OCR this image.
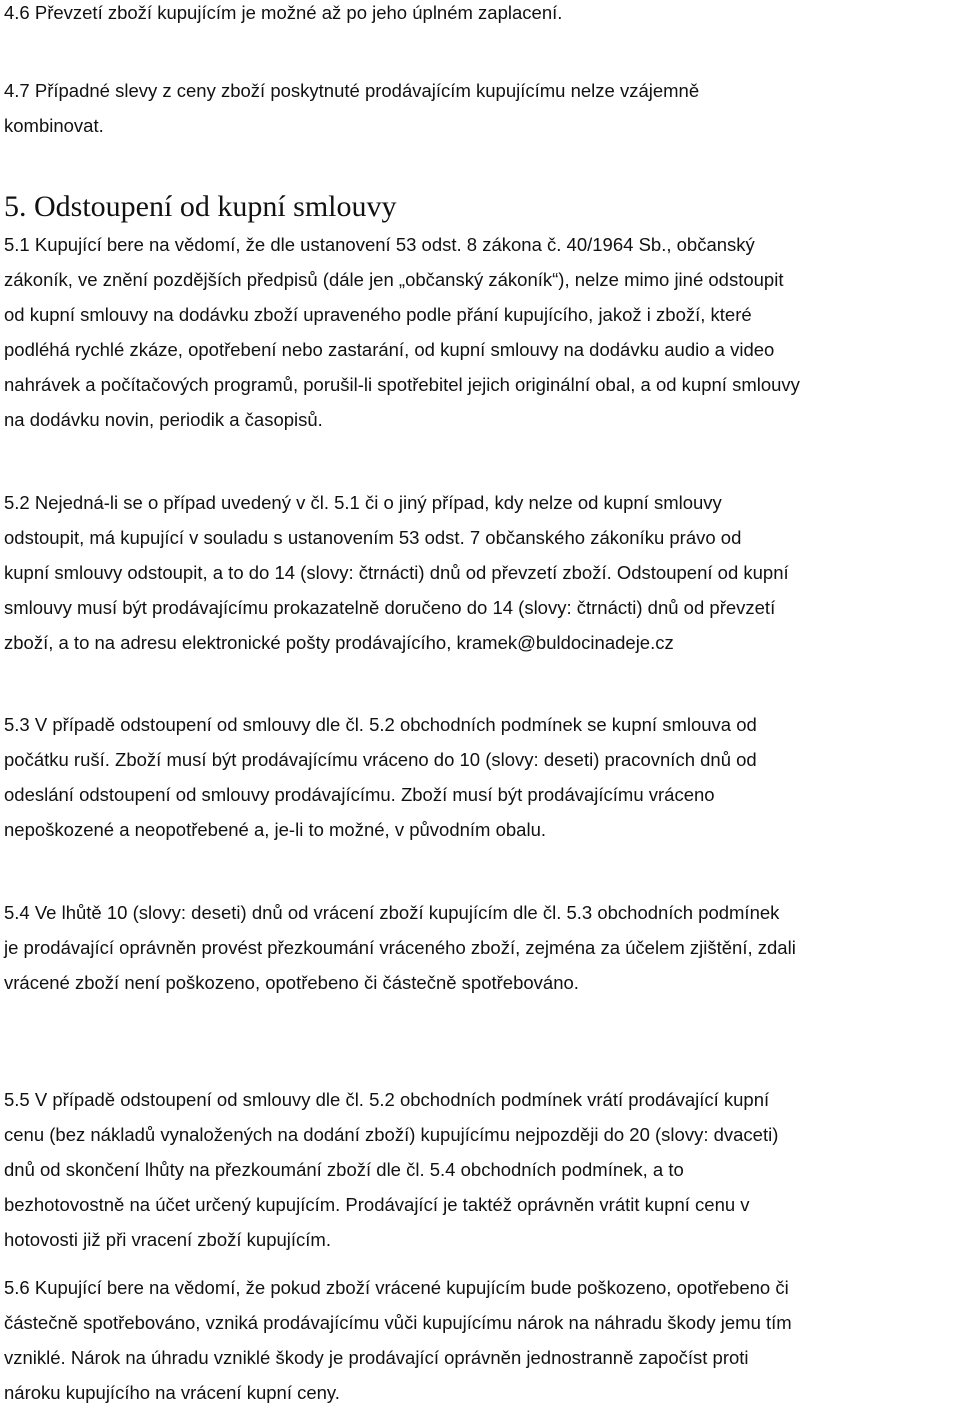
4.6 Převzetí zboží kupujícím je možné až po jeho úplném zaplacení.

4.7 Případné slevy z ceny zboží poskytnuté prodávajícím kupujícímu nelze vzájemně
kombinovat.

5. Odstoupení od kupní smlouvy

5.1 Kupující bere na vědomí, že dle ustanovení 53 odst. 8 zákona č. 40/1964 Sb., občanský
zákoník, ve znění pozdějších předpisů (dále jen „občanský zákoník“), nelze mimo jiné odstoupit
od kupní smlouvy na dodávku zboží upraveného podle přání kupujícího, jakož i zboží, které
podléhá rychlé zkáze, opotřebení nebo zastarání, od kupní smlouvy na dodávku audio a video
nahrávek a počítačových programů, porušil-li spotřebitel jejich originální obal, a od kupní smlouvy
na dodávku novin, periodik a časopisů.

5.2 Nejedná-li se o případ uvedený v čl. 5.1 či o jiný případ, kdy nelze od kupní smlouvy
odstoupit, má kupující v souladu s ustanovením 53 odst. 7 občanského zákoníku právo od
kupní smlouvy odstoupit, a to do 14 (slovy: čtrnácti) dnů od převzetí zboží. Odstoupení od kupní
smlouvy musí být prodávajícímu prokazatelně doručeno do 14 (slovy: čtrnácti) dnů od převzetí
zboží, a to na adresu elektronické pošty prodávajícího, kramek@buldocinadeje.cz

5.3 V případě odstoupení od smlouvy dle čl. 5.2 obchodních podmínek se kupní smlouva od
počátku ruší. Zboží musí být prodávajícímu vráceno do 10 (slovy: deseti) pracovních dnů od
odeslání odstoupení od smlouvy prodávajícímu. Zboží musí být prodávajícímu vráceno
nepoškozené a neopotřebené a, je-li to možné, v původním obalu.

5.4 Ve lhůtě 10 (slovy: deseti) dnů od vrácení zboží kupujícím dle čl. 5.3 obchodních podmínek
je prodávající oprávněn provést přezkoumání vráceného zboží, zejména za účelem zjištění, zdali
vrácené zboží není poškozeno, opotřebeno či částečně spotřebováno.

5.5 V případě odstoupení od smlouvy dle čl. 5.2 obchodních podmínek vrátí prodávající kupní
cenu (bez nákladů vynaložených na dodání zboží) kupujícímu nejpozději do 20 (slovy: dvaceti)
dnů od skončení lhůty na přezkoumání zboží dle čl. 5.4 obchodních podmínek, a to
bezhotovostně na účet určený kupujícím. Prodávající je taktéž oprávněn vrátit kupní cenu v
hotovosti již při vracení zboží kupujícím.

5.6 Kupující bere na vědomí, že pokud zboží vrácené kupujícím bude poškozeno, opotřebeno či
částečně spotřebováno, vzniká prodávajícímu vůči kupujícímu nárok na náhradu škody jemu tím
vzniklé. Nárok na úhradu vzniklé škody je prodávající oprávněn jednostranně započíst proti
nároku kupujícího na vrácení kupní ceny.
